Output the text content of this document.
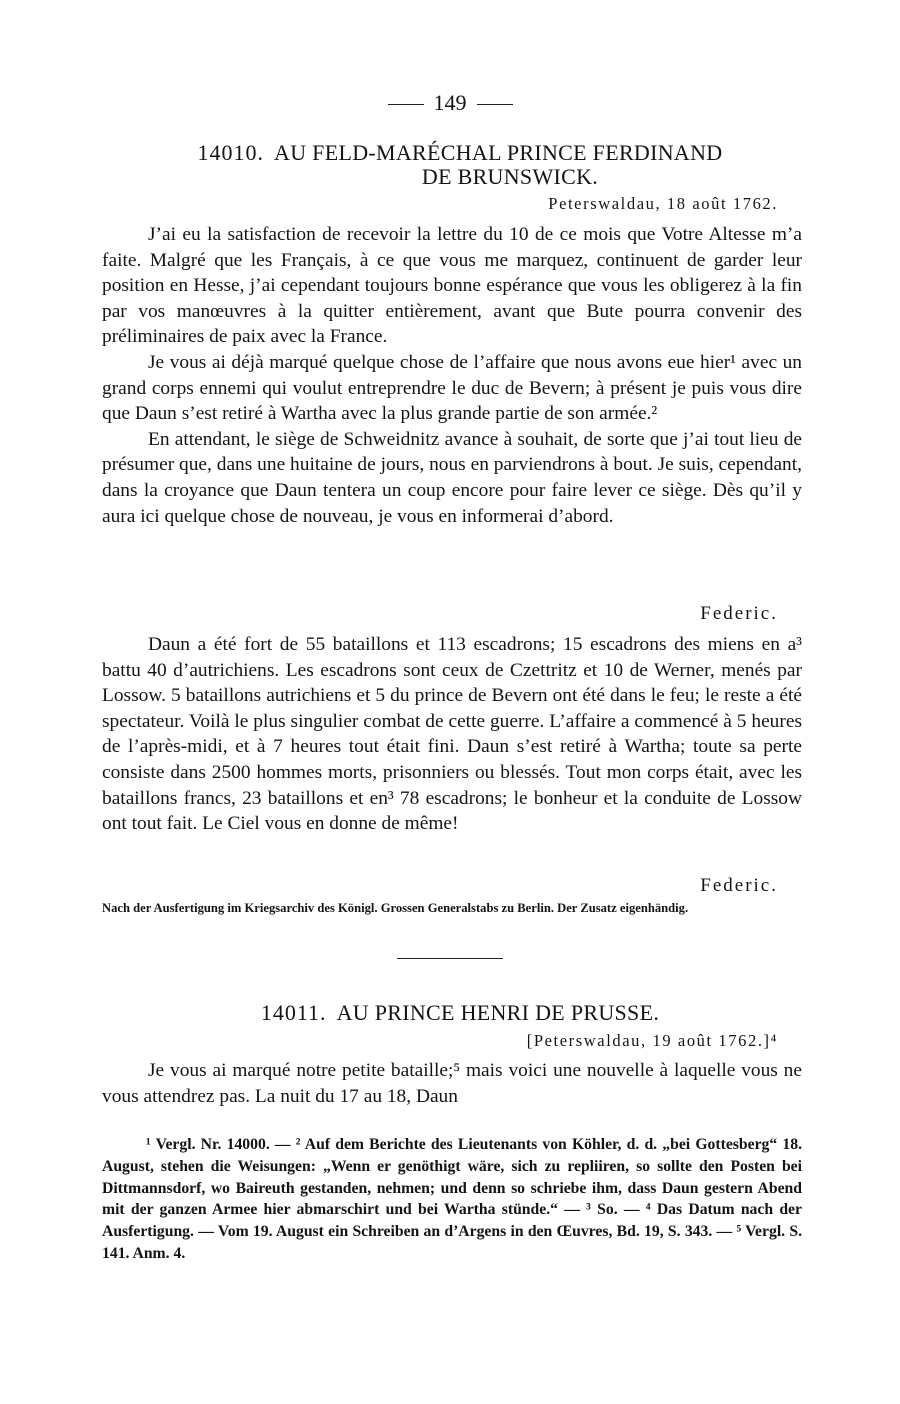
149
14010. AU FELD-MARÉCHAL PRINCE FERDINAND
DE BRUNSWICK.
Peterswaldau, 18 août 1762.

J’ai eu la satisfaction de recevoir la lettre du 10 de ce mois que Votre Altesse m’a faite. Malgré que les Français, à ce que vous me marquez, continuent de garder leur position en Hesse, j’ai cependant toujours bonne espérance que vous les obligerez à la fin par vos manœuvres à la quitter entièrement, avant que Bute pourra convenir des préliminaires de paix avec la France.

Je vous ai déjà marqué quelque chose de l’affaire que nous avons eue hier¹ avec un grand corps ennemi qui voulut entreprendre le duc de Bevern; à présent je puis vous dire que Daun s’est retiré à Wartha avec la plus grande partie de son armée.²

En attendant, le siège de Schweidnitz avance à souhait, de sorte que j’ai tout lieu de présumer que, dans une huitaine de jours, nous en parviendrons à bout. Je suis, cependant, dans la croyance que Daun tentera un coup encore pour faire lever ce siège. Dès qu’il y aura ici quelque chose de nouveau, je vous en informerai d’abord.

Federic.

Daun a été fort de 55 bataillons et 113 escadrons; 15 escadrons des miens en a³ battu 40 d’autrichiens. Les escadrons sont ceux de Czettritz et 10 de Werner, menés par Lossow. 5 bataillons autrichiens et 5 du prince de Bevern ont été dans le feu; le reste a été spectateur. Voilà le plus singulier combat de cette guerre. L’affaire a commencé à 5 heures de l’après-midi, et à 7 heures tout était fini. Daun s’est retiré à Wartha; toute sa perte consiste dans 2500 hommes morts, prisonniers ou blessés. Tout mon corps était, avec les bataillons francs, 23 bataillons et en³ 78 escadrons; le bonheur et la conduite de Lossow ont tout fait. Le Ciel vous en donne de même!

Federic.
Nach der Ausfertigung im Kriegsarchiv des Königl. Grossen Generalstabs zu Berlin. Der Zusatz eigenhändig.
14011. AU PRINCE HENRI DE PRUSSE.
[Peterswaldau, 19 août 1762.]⁴

Je vous ai marqué notre petite bataille;⁵ mais voici une nouvelle à laquelle vous ne vous attendrez pas. La nuit du 17 au 18, Daun

¹ Vergl. Nr. 14000. — ² Auf dem Berichte des Lieutenants von Köhler, d. d. „bei Gottesberg“ 18. August, stehen die Weisungen: „Wenn er genöthigt wäre, sich zu repliiren, so sollte den Posten bei Dittmannsdorf, wo Baireuth gestanden, nehmen; und denn so schriebe ihm, dass Daun gestern Abend mit der ganzen Armee hier abmarschirt und bei Wartha stünde.“ — ³ So. — ⁴ Das Datum nach der Ausfertigung. — Vom 19. August ein Schreiben an d’Argens in den Œuvres, Bd. 19, S. 343. — ⁵ Vergl. S. 141. Anm. 4.
